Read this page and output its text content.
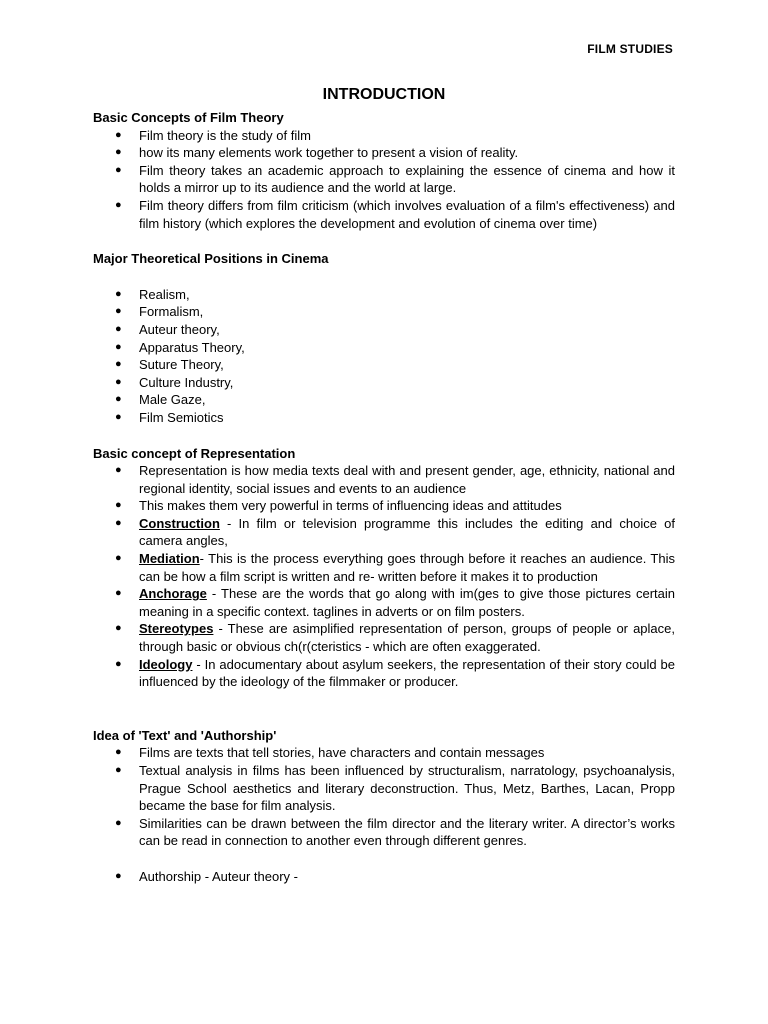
FILM STUDIES
INTRODUCTION

Basic Concepts of Film Theory

● Film theory is the study of film
● how its many elements work together to present a vision of reality.
● Film theory takes an academic approach to explaining the essence of cinema and how it holds a mirror up to its audience and the world at large.
● Film theory differs from film criticism (which involves evaluation of a film's effectiveness) and film history (which explores the development and evolution of cinema over time)

Major Theoretical Positions in Cinema

● Realism,
● Formalism,
● Auteur theory,
● Apparatus Theory,
● Suture Theory,
● Culture Industry,
● Male Gaze,
● Film Semiotics

Basic concept of Representation

● Representation is how media texts deal with and present gender, age, ethnicity, national and regional identity, social issues and events to an audience
● This makes them very powerful in terms of influencing ideas and attitudes
● Construction - In film or television programme this includes the editing and choice of camera angles,
● Mediation- This is the process everything goes through before it reaches an audience. This can be how a film script is written and re- written before it makes it to production
● Anchorage - These are the words that go along with im(ges to give those pictures certain meaning in a specific context. taglines in adverts or on film posters.
● Stereotypes - These are asimplified representation of person, groups of people or aplace, through basic or obvious ch(r(cteristics - which are often exaggerated.
● Ideology - In adocumentary about asylum seekers, the representation of their story could be influenced by the ideology of the filmmaker or producer.

Idea of 'Text' and 'Authorship'

● Films are texts that tell stories, have characters and contain messages
● Textual analysis in films has been influenced by structuralism, narratology, psychoanalysis, Prague School aesthetics and literary deconstruction. Thus, Metz, Barthes, Lacan, Propp became the base for film analysis.
● Similarities can be drawn between the film director and the literary writer. A director’s works can be read in connection to another even through different genres.
● Authorship - Auteur theory -
